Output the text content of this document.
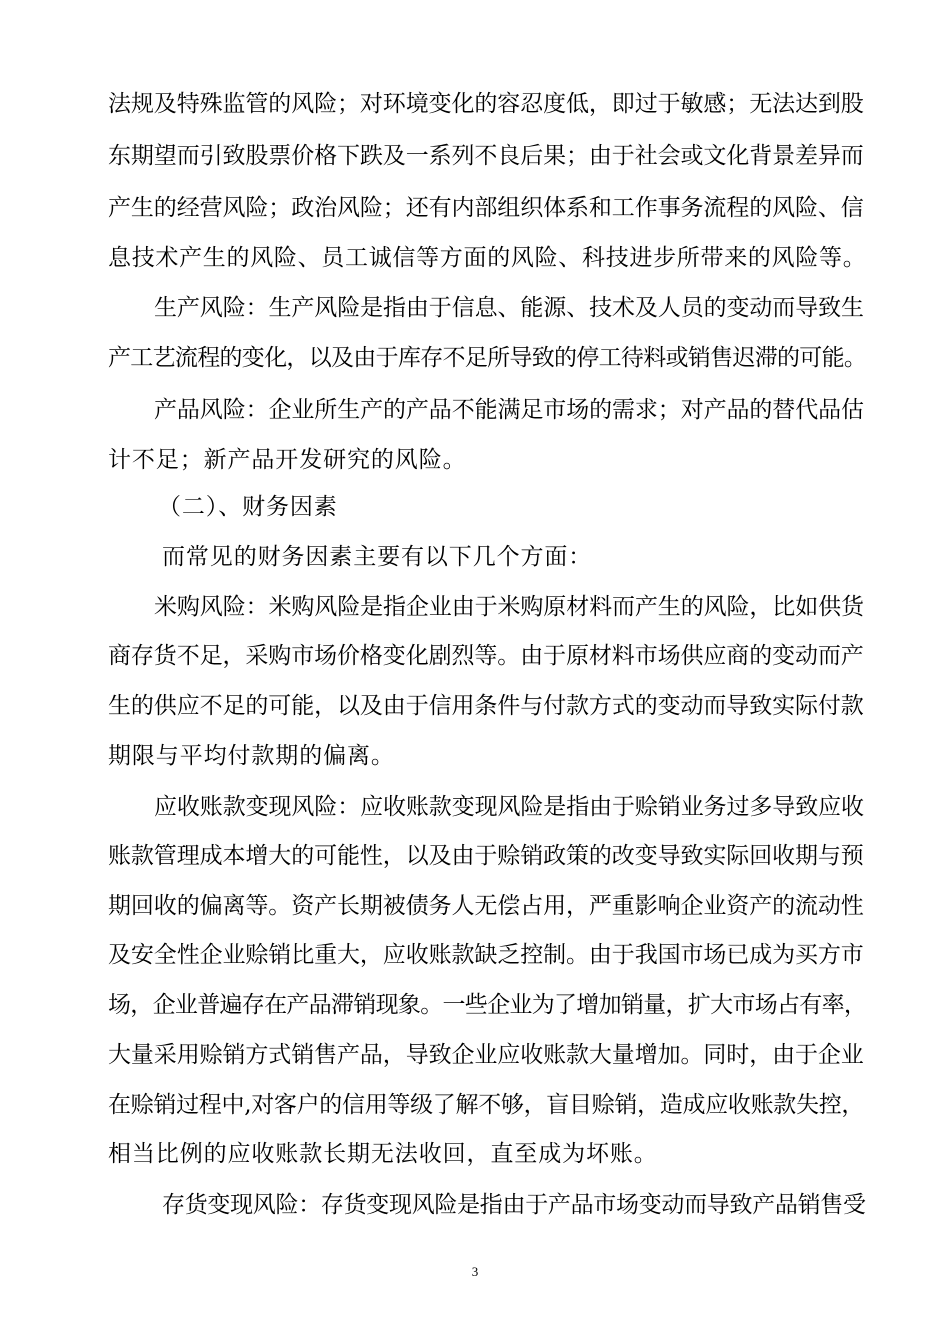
法规及特殊监管的风险；对环境变化的容忍度低，即过于敏感；无法达到股
东期望而引致股票价格下跌及一系列不良后果；由于社会或文化背景差异而
产生的经营风险；政治风险；还有内部组织体系和工作事务流程的风险、信
息技术产生的风险、员工诚信等方面的风险、科技进步所带来的风险等。
生产风险：生产风险是指由于信息、能源、技术及人员的变动而导致生
产工艺流程的变化，以及由于库存不足所导致的停工待料或销售迟滞的可能。
产品风险：企业所生产的产品不能满足市场的需求；对产品的替代品估
计不足；新产品开发研究的风险。
（二）、财务因素
而常见的财务因素主要有以下几个方面：
米购风险：米购风险是指企业由于米购原材料而产生的风险，比如供货
商存货不足，采购市场价格变化剧烈等。由于原材料市场供应商的变动而产
生的供应不足的可能，以及由于信用条件与付款方式的变动而导致实际付款
期限与平均付款期的偏离。
应收账款变现风险：应收账款变现风险是指由于赊销业务过多导致应收
账款管理成本增大的可能性，以及由于赊销政策的改变导致实际回收期与预
期回收的偏离等。资产长期被债务人无偿占用，严重影响企业资产的流动性
及安全性企业赊销比重大，应收账款缺乏控制。由于我国市场已成为买方市
场，企业普遍存在产品滞销现象。一些企业为了增加销量，扩大市场占有率，
大量采用赊销方式销售产品，导致企业应收账款大量增加。同时，由于企业
在赊销过程中,对客户的信用等级了解不够，盲目赊销，造成应收账款失控，
相当比例的应收账款长期无法收回，直至成为坏账。
存货变现风险：存货变现风险是指由于产品市场变动而导致产品销售受
3
